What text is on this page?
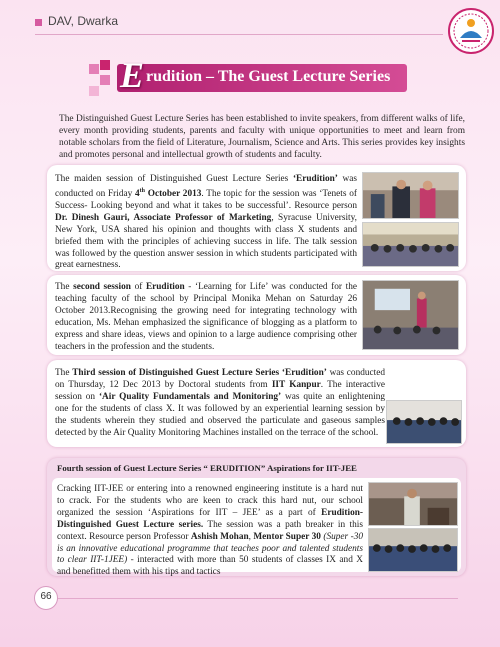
DAV, Dwarka
E rudition – The Guest Lecture Series
The Distinguished Guest Lecture Series has been established to invite speakers, from different walks of life, every month providing students, parents and faculty with unique opportunities to meet and learn from notable scholars from the field of Literature, Journalism, Science and Arts. This series provides key insights and promotes personal and intellectual growth of students and faculty.
The maiden session of Distinguished Guest Lecture Series ‘Erudition’ was conducted on Friday 4th October 2013. The topic for the session was ‘Tenets of Success- Looking beyond and what it takes to be successful’. Resource person Dr. Dinesh Gauri, Associate Professor of Marketing, Syracuse University, New York, USA shared his opinion and thoughts with class X students and briefed them with the principles of achieving success in life. The talk session was followed by the question answer session in which students participated with great earnestness.
The second session of Erudition - ‘Learning for Life’ was conducted for the teaching faculty of the school by Principal Monika Mehan on Saturday 26 October 2013.Recognising the growing need for integrating technology with education, Ms. Mehan emphasized the significance of blogging as a platform to express and share ideas, views and opinion to a large audience comprising other teachers in the profession and the students.
The Third session of Distinguished Guest Lecture Series ‘Erudition’ was conducted on Thursday, 12 Dec 2013 by Doctoral students from IIT Kanpur. The interactive session on ‘Air Quality Fundamentals and Monitoring’ was quite an enlightening one for the students of class X. It was followed by an experiential learning session by the students wherein they studied and observed the particulate and gaseous samples detected by the Air Quality Monitoring Machines installed on the terrace of the school.
Fourth session of Guest Lecture Series “ ERUDITION” Aspirations for IIT-JEE
Cracking IIT-JEE or entering into a renowned engineering institute is a hard nut to crack. For the students who are keen to crack this hard nut, our school organized the session ‘Aspirations for IIT – JEE’ as a part of Erudition- Distinguished Guest Lecture series. The session was a path breaker in this context. Resource person Professor Ashish Mohan, Mentor Super 30 (Super -30 is an innovative educational programme that teaches poor and talented students to clear IIT-1JEE) - interacted with more than 50 students of classes IX and X and benefitted them with his tips and tactics
66
